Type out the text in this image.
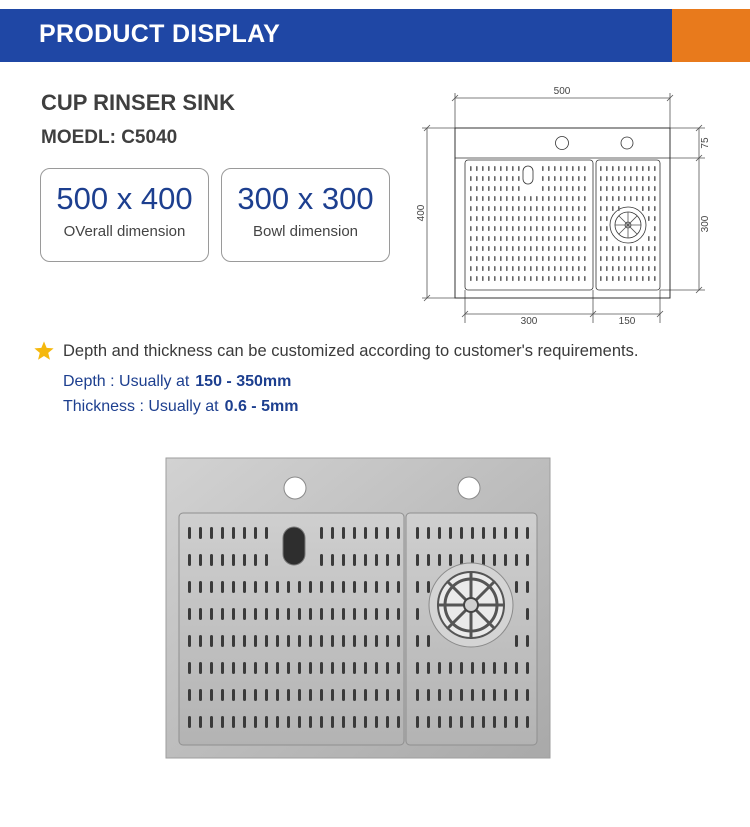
PRODUCT DISPLAY
CUP RINSER SINK
MOEDL: C5040
500 x 400
OVerall dimension
300 x 300
Bowl dimension
500
400
75
300
300	150
Depth and thickness can be customized according to customer's requirements.
Depth : Usually at 150 - 350mm
Thickness : Usually at 0.6 - 5mm
